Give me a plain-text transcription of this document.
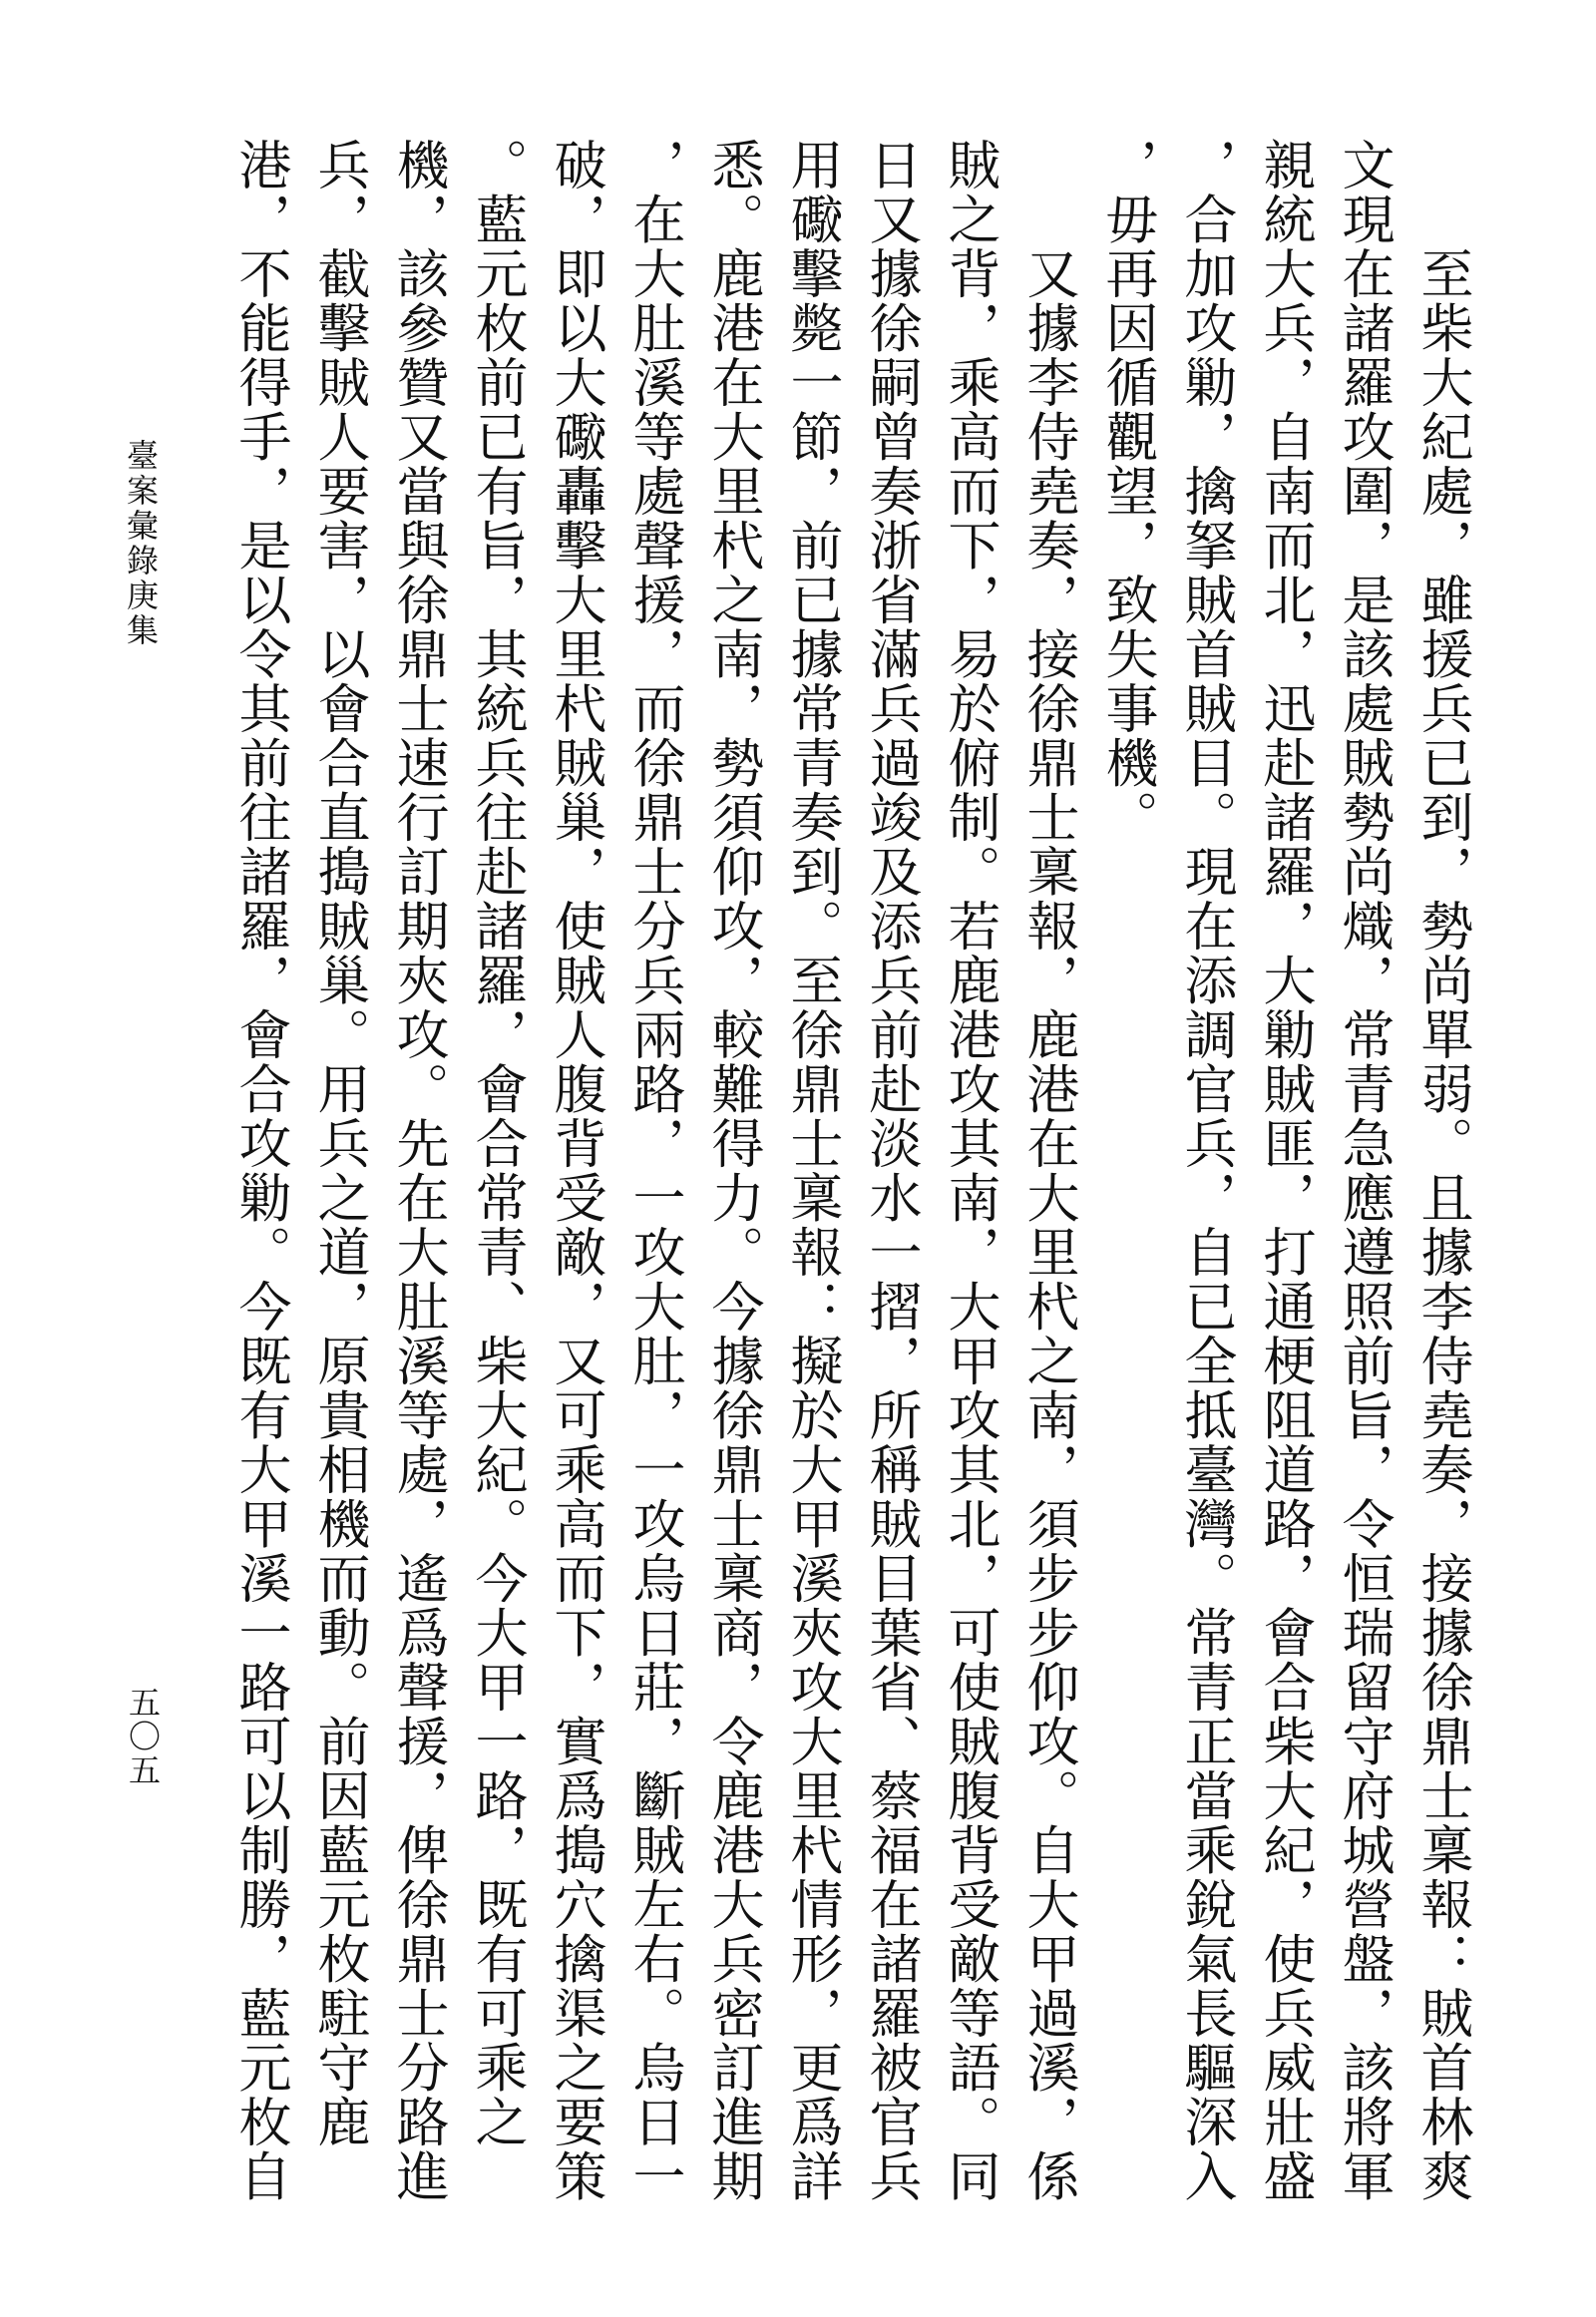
　　至柴大紀處，雖援兵已到，勢尚單弱。且據李侍堯奏，接據徐鼎士稟報：賊首林爽
文現在諸羅攻圍，是該處賊勢尚熾，常青急應遵照前旨，令恒瑞留守府城營盤，該將軍
親統大兵，自南而北，迅赴諸羅，大勦賊匪，打通梗阻道路，會合柴大紀，使兵威壯盛
，合加攻勦，擒拏賊首賊目。現在添調官兵，自已全抵臺灣。常青正當乘銳氣長驅深入
，毋再因循觀望，致失事機。
　　又據李侍堯奏，接徐鼎士稟報，鹿港在大里杙之南，須步步仰攻。自大甲過溪，係
賊之背，乘高而下，易於俯制。若鹿港攻其南，大甲攻其北，可使賊腹背受敵等語。同
日又據徐嗣曾奏浙省滿兵過竣及添兵前赴淡水一摺，所稱賊目葉省、蔡福在諸羅被官兵
用礮擊斃一節，前已據常青奏到。至徐鼎士稟報：擬於大甲溪夾攻大里杙情形，更爲詳
悉。鹿港在大里杙之南，勢須仰攻，較難得力。今據徐鼎士稟商，令鹿港大兵密訂進期
，在大肚溪等處聲援，而徐鼎士分兵兩路，一攻大肚，一攻烏日莊，斷賊左右。烏日一
破，即以大礮轟擊大里杙賊巢，使賊人腹背受敵，又可乘高而下，實爲搗穴擒渠之要策
。藍元枚前已有旨，其統兵往赴諸羅，會合常青、柴大紀。今大甲一路，既有可乘之
機，該參贊又當與徐鼎士速行訂期夾攻。先在大肚溪等處，遙爲聲援，俾徐鼎士分路進
兵，截擊賊人要害，以會合直搗賊巢。用兵之道，原貴相機而動。前因藍元枚駐守鹿
港，不能得手，是以令其前往諸羅，會合攻勦。今既有大甲溪一路可以制勝，藍元枚自
臺案彙錄庚集
五〇五
